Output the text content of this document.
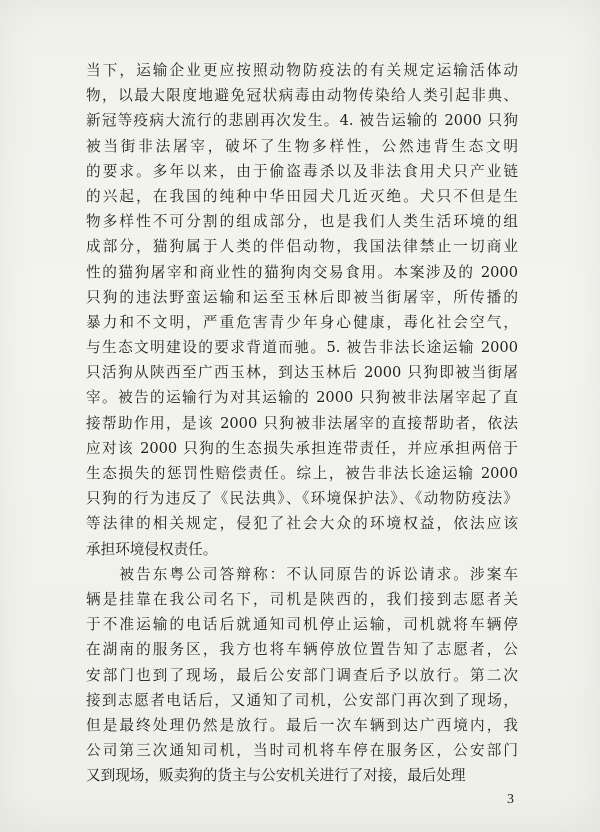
当下，运输企业更应按照动物防疫法的有关规定运输活体动
物，以最大限度地避免冠状病毒由动物传染给人类引起非典、
新冠等疫病大流行的悲剧再次发生。4. 被告运输的 2000 只狗
被当街非法屠宰，破坏了生物多样性，公然违背生态文明
的要求。多年以来，由于偷盗毒杀以及非法食用犬只产业链
的兴起，在我国的纯种中华田园犬几近灭绝。犬只不但是生
物多样性不可分割的组成部分，也是我们人类生活环境的组
成部分，猫狗属于人类的伴侣动物，我国法律禁止一切商业
性的猫狗屠宰和商业性的猫狗肉交易食用。本案涉及的 2000
只狗的违法野蛮运输和运至玉林后即被当街屠宰，所传播的
暴力和不文明，严重危害青少年身心健康，毒化社会空气，
与生态文明建设的要求背道而驰。5. 被告非法长途运输 2000
只活狗从陕西至广西玉林，到达玉林后 2000 只狗即被当街屠
宰。被告的运输行为对其运输的 2000 只狗被非法屠宰起了直
接帮助作用，是该 2000 只狗被非法屠宰的直接帮助者，依法
应对该 2000 只狗的生态损失承担连带责任，并应承担两倍于
生态损失的惩罚性赔偿责任。综上，被告非法长途运输 2000
只狗的行为违反了《民法典》、《环境保护法》、《动物防疫法》
等法律的相关规定，侵犯了社会大众的环境权益，依法应该
承担环境侵权责任。
　　被告东粤公司答辩称：不认同原告的诉讼请求。涉案车
辆是挂靠在我公司名下，司机是陕西的，我们接到志愿者关
于不准运输的电话后就通知司机停止运输，司机就将车辆停
在湖南的服务区，我方也将车辆停放位置告知了志愿者，公
安部门也到了现场，最后公安部门调查后予以放行。第二次
接到志愿者电话后，又通知了司机，公安部门再次到了现场，
但是最终处理仍然是放行。最后一次车辆到达广西境内，我
公司第三次通知司机，当时司机将车停在服务区，公安部门
又到现场，贩卖狗的货主与公安机关进行了对接，最后处理
3
